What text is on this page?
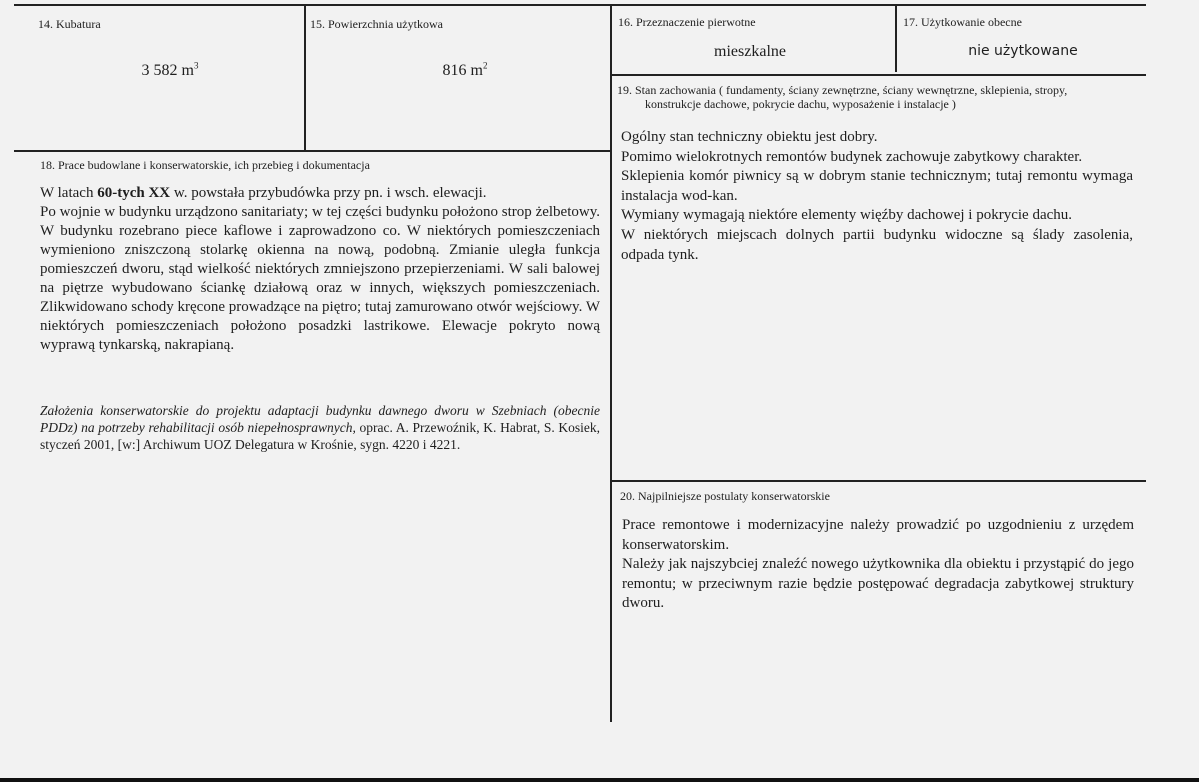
14. Kubatura
3 582 $m^3$
15. Powierzchnia użytkowa
816 $m^2$
16. Przeznaczenie pierwotne
mieszkalne
17. Użytkowanie obecne
nie użytkowane
19. Stan zachowania ( fundamenty, ściany zewnętrzne, ściany wewnętrzne, sklepienia, stropy,
konstrukcje dachowe, pokrycie dachu, wyposażenie i instalacje )

Ogólny stan techniczny obiektu jest dobry.

Pomimo wielokrotnych remontów budynek zachowuje zabytkowy charakter.

Sklepienia komór piwnicy są w dobrym stanie technicznym; tutaj remontu wymaga instalacja wod-kan.

Wymiany wymagają niektóre elementy więźby dachowej i pokrycie dachu.

W niektórych miejscach dolnych partii budynku widoczne są ślady zasolenia, odpada tynk.

18. Prace budowlane i konserwatorskie, ich przebieg i dokumentacja

W latach 60-tych XX w. powstała przybudówka przy pn. i wsch. elewacji.

Po wojnie w budynku urządzono sanitariaty; w tej części budynku położono strop żelbetowy. W budynku rozebrano piece kaflowe i zaprowadzono co. W niektórych pomieszczeniach wymieniono zniszczoną stolarkę okienna na nową, podobną. Zmianie uległa funkcja pomieszczeń dworu, stąd wielkość niektórych zmniejszono przepierzeniami. W sali balowej na piętrze wybudowano ściankę działową oraz w innych, większych pomieszczeniach. Zlikwidowano schody kręcone prowadzące na piętro; tutaj zamurowano otwór wejściowy. W niektórych pomieszczeniach położono posadzki lastrikowe. Elewacje pokryto nową wyprawą tynkarską, nakrapianą.

Założenia konserwatorskie do projektu adaptacji budynku dawnego dworu w Szebniach (obecnie PDDz) na potrzeby rehabilitacji osób niepełnosprawnych, oprac. A. Przewoźnik, K. Habrat, S. Kosiek, styczeń 2001, [w:] Archiwum UOZ Delegatura w Krośnie, sygn. 4220 i 4221.
20. Najpilniejsze postulaty konserwatorskie

Prace remontowe i modernizacyjne należy prowadzić po uzgodnieniu z urzędem konserwatorskim.

Należy jak najszybciej znaleźć nowego użytkownika dla obiektu i przystąpić do jego remontu; w przeciwnym razie będzie postępować degradacja zabytkowej struktury dworu.
